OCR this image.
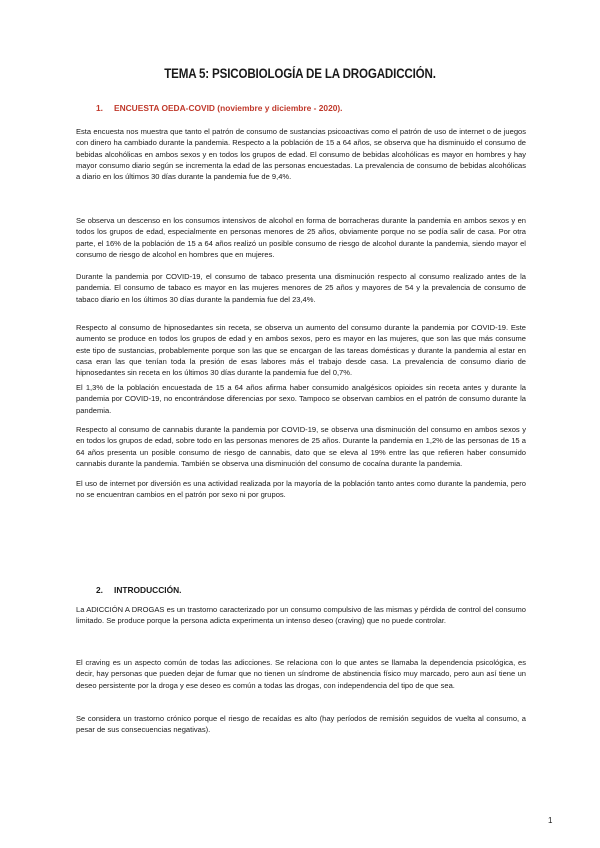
TEMA 5: PSICOBIOLOGÍA DE LA DROGADICCIÓN.
1. ENCUESTA OEDA-COVID (noviembre y diciembre - 2020).

Esta encuesta nos muestra que tanto el patrón de consumo de sustancias psicoactivas como el patrón de uso de internet o de juegos con dinero ha cambiado durante la pandemia. Respecto a la población de 15 a 64 años, se observa que ha disminuido el consumo de bebidas alcohólicas en ambos sexos y en todos los grupos de edad. El consumo de bebidas alcohólicas es mayor en hombres y hay mayor consumo diario según se incrementa la edad de las personas encuestadas. La prevalencia de consumo de bebidas alcohólicas a diario en los últimos 30 días durante la pandemia fue de 9,4%.

Se observa un descenso en los consumos intensivos de alcohol en forma de borracheras durante la pandemia en ambos sexos y en todos los grupos de edad, especialmente en personas menores de 25 años, obviamente porque no se podía salir de casa. Por otra parte, el 16% de la población de 15 a 64 años realizó un posible consumo de riesgo de alcohol durante la pandemia, siendo mayor el consumo de riesgo de alcohol en hombres que en mujeres.

Durante la pandemia por COVID-19, el consumo de tabaco presenta una disminución respecto al consumo realizado antes de la pandemia. El consumo de tabaco es mayor en las mujeres menores de 25 años y mayores de 54 y la prevalencia de consumo de tabaco diario en los últimos 30 días durante la pandemia fue del 23,4%.

Respecto al consumo de hipnosedantes sin receta, se observa un aumento del consumo durante la pandemia por COVID-19. Este aumento se produce en todos los grupos de edad y en ambos sexos, pero es mayor en las mujeres, que son las que más consume este tipo de sustancias, probablemente porque son las que se encargan de las tareas domésticas y durante la pandemia al estar en casa eran las que tenían toda la presión de esas labores más el trabajo desde casa. La prevalencia de consumo diario de hipnosedantes sin receta en los últimos 30 días durante la pandemia fue del 0,7%.

El 1,3% de la población encuestada de 15 a 64 años afirma haber consumido analgésicos opioides sin receta antes y durante la pandemia por COVID-19, no encontrándose diferencias por sexo. Tampoco se observan cambios en el patrón de consumo durante la pandemia.

Respecto al consumo de cannabis durante la pandemia por COVID-19, se observa una disminución del consumo en ambos sexos y en todos los grupos de edad, sobre todo en las personas menores de 25 años. Durante la pandemia en 1,2% de las personas de 15 a 64 años presenta un posible consumo de riesgo de cannabis, dato que se eleva al 19% entre las que refieren haber consumido cannabis durante la pandemia. También se observa una disminución del consumo de cocaína durante la pandemia.

El uso de internet por diversión es una actividad realizada por la mayoría de la población tanto antes como durante la pandemia, pero no se encuentran cambios en el patrón por sexo ni por grupos.

2. INTRODUCCIÓN.

La ADICCIÓN A DROGAS es un trastorno caracterizado por un consumo compulsivo de las mismas y pérdida de control del consumo limitado. Se produce porque la persona adicta experimenta un intenso deseo (craving) que no puede controlar.

El craving es un aspecto común de todas las adicciones. Se relaciona con lo que antes se llamaba la dependencia psicológica, es decir, hay personas que pueden dejar de fumar que no tienen un síndrome de abstinencia físico muy marcado, pero aun así tiene un deseo persistente por la droga y ese deseo es común a todas las drogas, con independencia del tipo de que sea.

Se considera un trastorno crónico porque el riesgo de recaídas es alto (hay períodos de remisión seguidos de vuelta al consumo, a pesar de sus consecuencias negativas).

1
